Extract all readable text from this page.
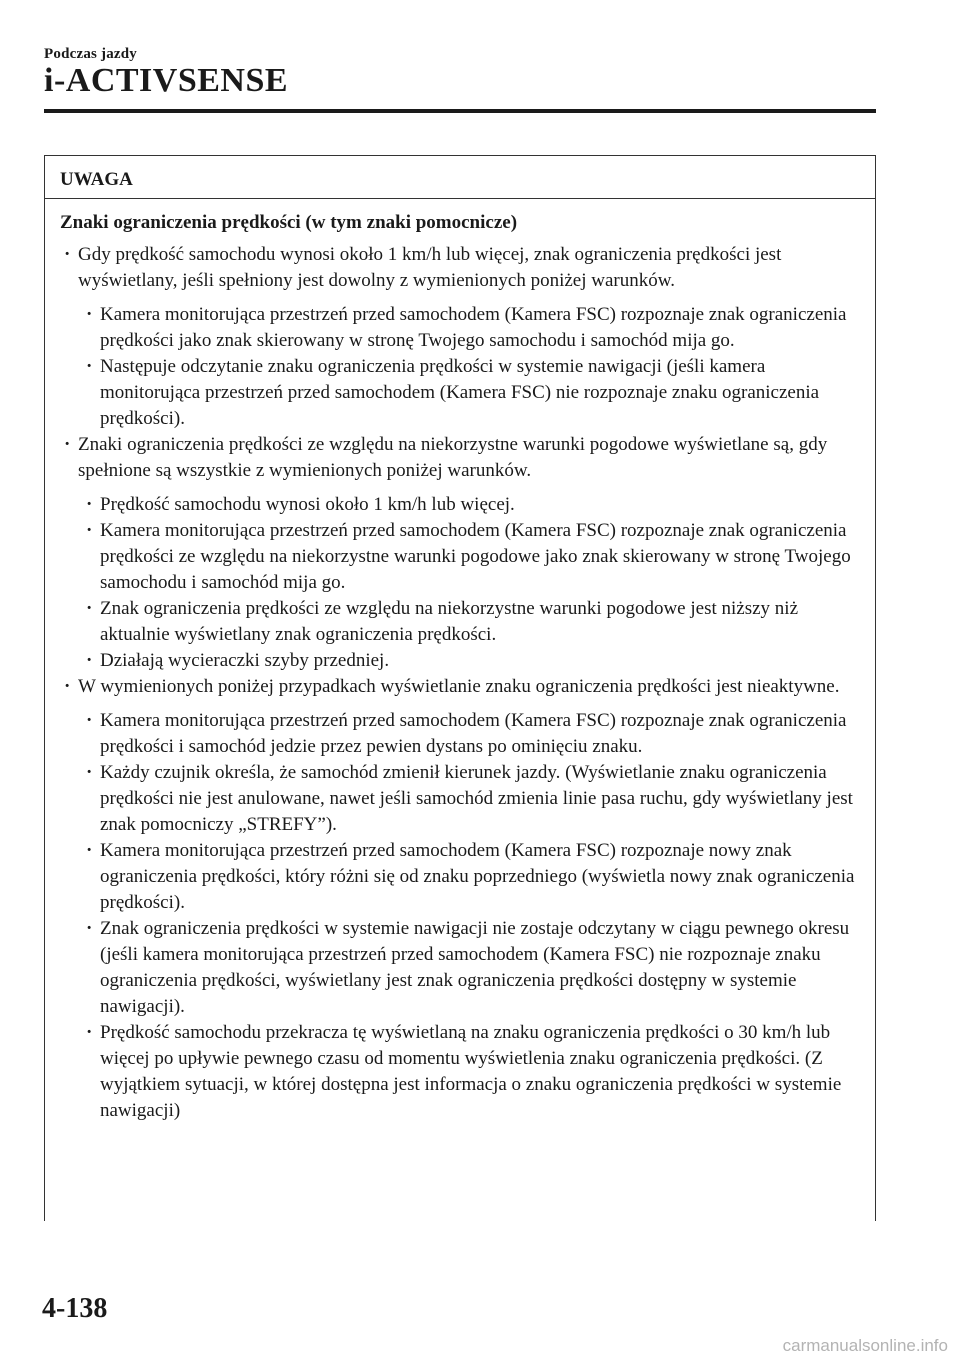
Podczas jazdy
i-ACTIVSENSE
UWAGA
Znaki ograniczenia prędkości (w tym znaki pomocnicze)
· Gdy prędkość samochodu wynosi około 1 km/h lub więcej, znak ograniczenia prędkości jest wyświetlany, jeśli spełniony jest dowolny z wymienionych poniżej warunków.
· Kamera monitorująca przestrzeń przed samochodem (Kamera FSC) rozpoznaje znak ograniczenia prędkości jako znak skierowany w stronę Twojego samochodu i samochód mija go.
· Następuje odczytanie znaku ograniczenia prędkości w systemie nawigacji (jeśli kamera monitorująca przestrzeń przed samochodem (Kamera FSC) nie rozpoznaje znaku ograniczenia prędkości).
· Znaki ograniczenia prędkości ze względu na niekorzystne warunki pogodowe wyświetlane są, gdy spełnione są wszystkie z wymienionych poniżej warunków.
· Prędkość samochodu wynosi około 1 km/h lub więcej.
· Kamera monitorująca przestrzeń przed samochodem (Kamera FSC) rozpoznaje znak ograniczenia prędkości ze względu na niekorzystne warunki pogodowe jako znak skierowany w stronę Twojego samochodu i samochód mija go.
· Znak ograniczenia prędkości ze względu na niekorzystne warunki pogodowe jest niższy niż aktualnie wyświetlany znak ograniczenia prędkości.
· Działają wycieraczki szyby przedniej.
· W wymienionych poniżej przypadkach wyświetlanie znaku ograniczenia prędkości jest nieaktywne.
· Kamera monitorująca przestrzeń przed samochodem (Kamera FSC) rozpoznaje znak ograniczenia prędkości i samochód jedzie przez pewien dystans po ominięciu znaku.
· Każdy czujnik określa, że samochód zmienił kierunek jazdy. (Wyświetlanie znaku ograniczenia prędkości nie jest anulowane, nawet jeśli samochód zmienia linie pasa ruchu, gdy wyświetlany jest znak pomocniczy „STREFY”).
· Kamera monitorująca przestrzeń przed samochodem (Kamera FSC) rozpoznaje nowy znak ograniczenia prędkości, który różni się od znaku poprzedniego (wyświetla nowy znak ograniczenia prędkości).
· Znak ograniczenia prędkości w systemie nawigacji nie zostaje odczytany w ciągu pewnego okresu (jeśli kamera monitorująca przestrzeń przed samochodem (Kamera FSC) nie rozpoznaje znaku ograniczenia prędkości, wyświetlany jest znak ograniczenia prędkości dostępny w systemie nawigacji).
· Prędkość samochodu przekracza tę wyświetlaną na znaku ograniczenia prędkości o 30 km/h lub więcej po upływie pewnego czasu od momentu wyświetlenia znaku ograniczenia prędkości. (Z wyjątkiem sytuacji, w której dostępna jest informacja o znaku ograniczenia prędkości w systemie nawigacji)
4-138
carmanualsonline.info
